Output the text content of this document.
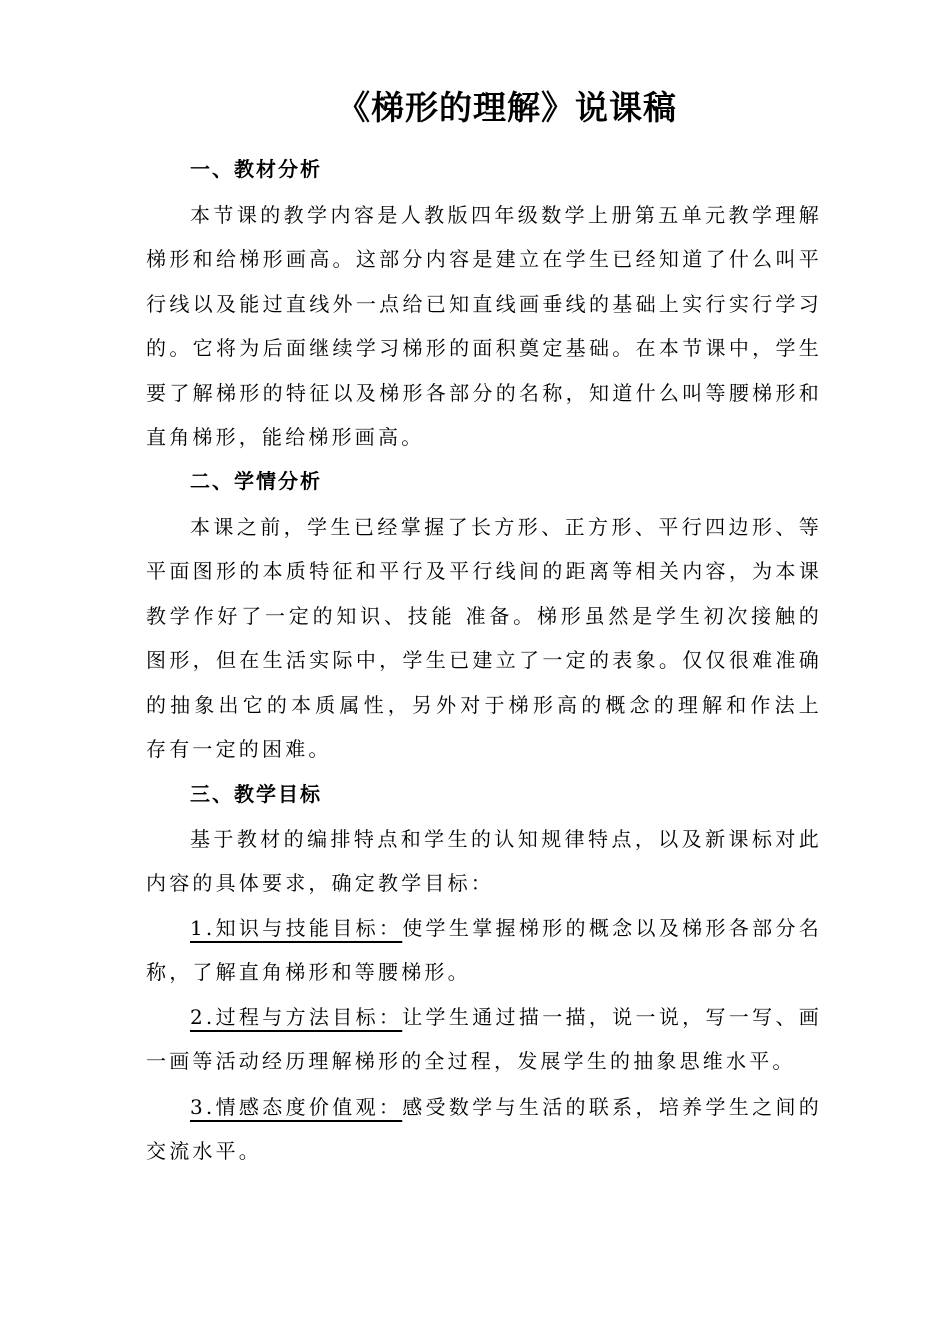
《梯形的理解》说课稿
一、教材分析
本节课的教学内容是人教版四年级数学上册第五单元教学理解梯形和给梯形画高。这部分内容是建立在学生已经知道了什么叫平行线以及能过直线外一点给已知直线画垂线的基础上实行实行学习的。它将为后面继续学习梯形的面积奠定基础。在本节课中，学生要了解梯形的特征以及梯形各部分的名称，知道什么叫等腰梯形和直角梯形，能给梯形画高。
二、学情分析
本课之前，学生已经掌握了长方形、正方形、平行四边形、等平面图形的本质特征和平行及平行线间的距离等相关内容，为本课教学作好了一定的知识、技能 准备。梯形虽然是学生初次接触的图形，但在生活实际中，学生已建立了一定的表象。仅仅很难准确的抽象出它的本质属性，另外对于梯形高的概念的理解和作法上 存有一定的困难。
三、教学目标
基于教材的编排特点和学生的认知规律特点，以及新课标对此内容的具体要求，确定教学目标：
1.知识与技能目标：使学生掌握梯形的概念以及梯形各部分名称，了解直角梯形和等腰梯形。
2.过程与方法目标：让学生通过描一描，说一说，写一写、画一画等活动经历理解梯形的全过程，发展学生的抽象思维水平。
3.情感态度价值观：感受数学与生活的联系，培养学生之间的交流水平。
